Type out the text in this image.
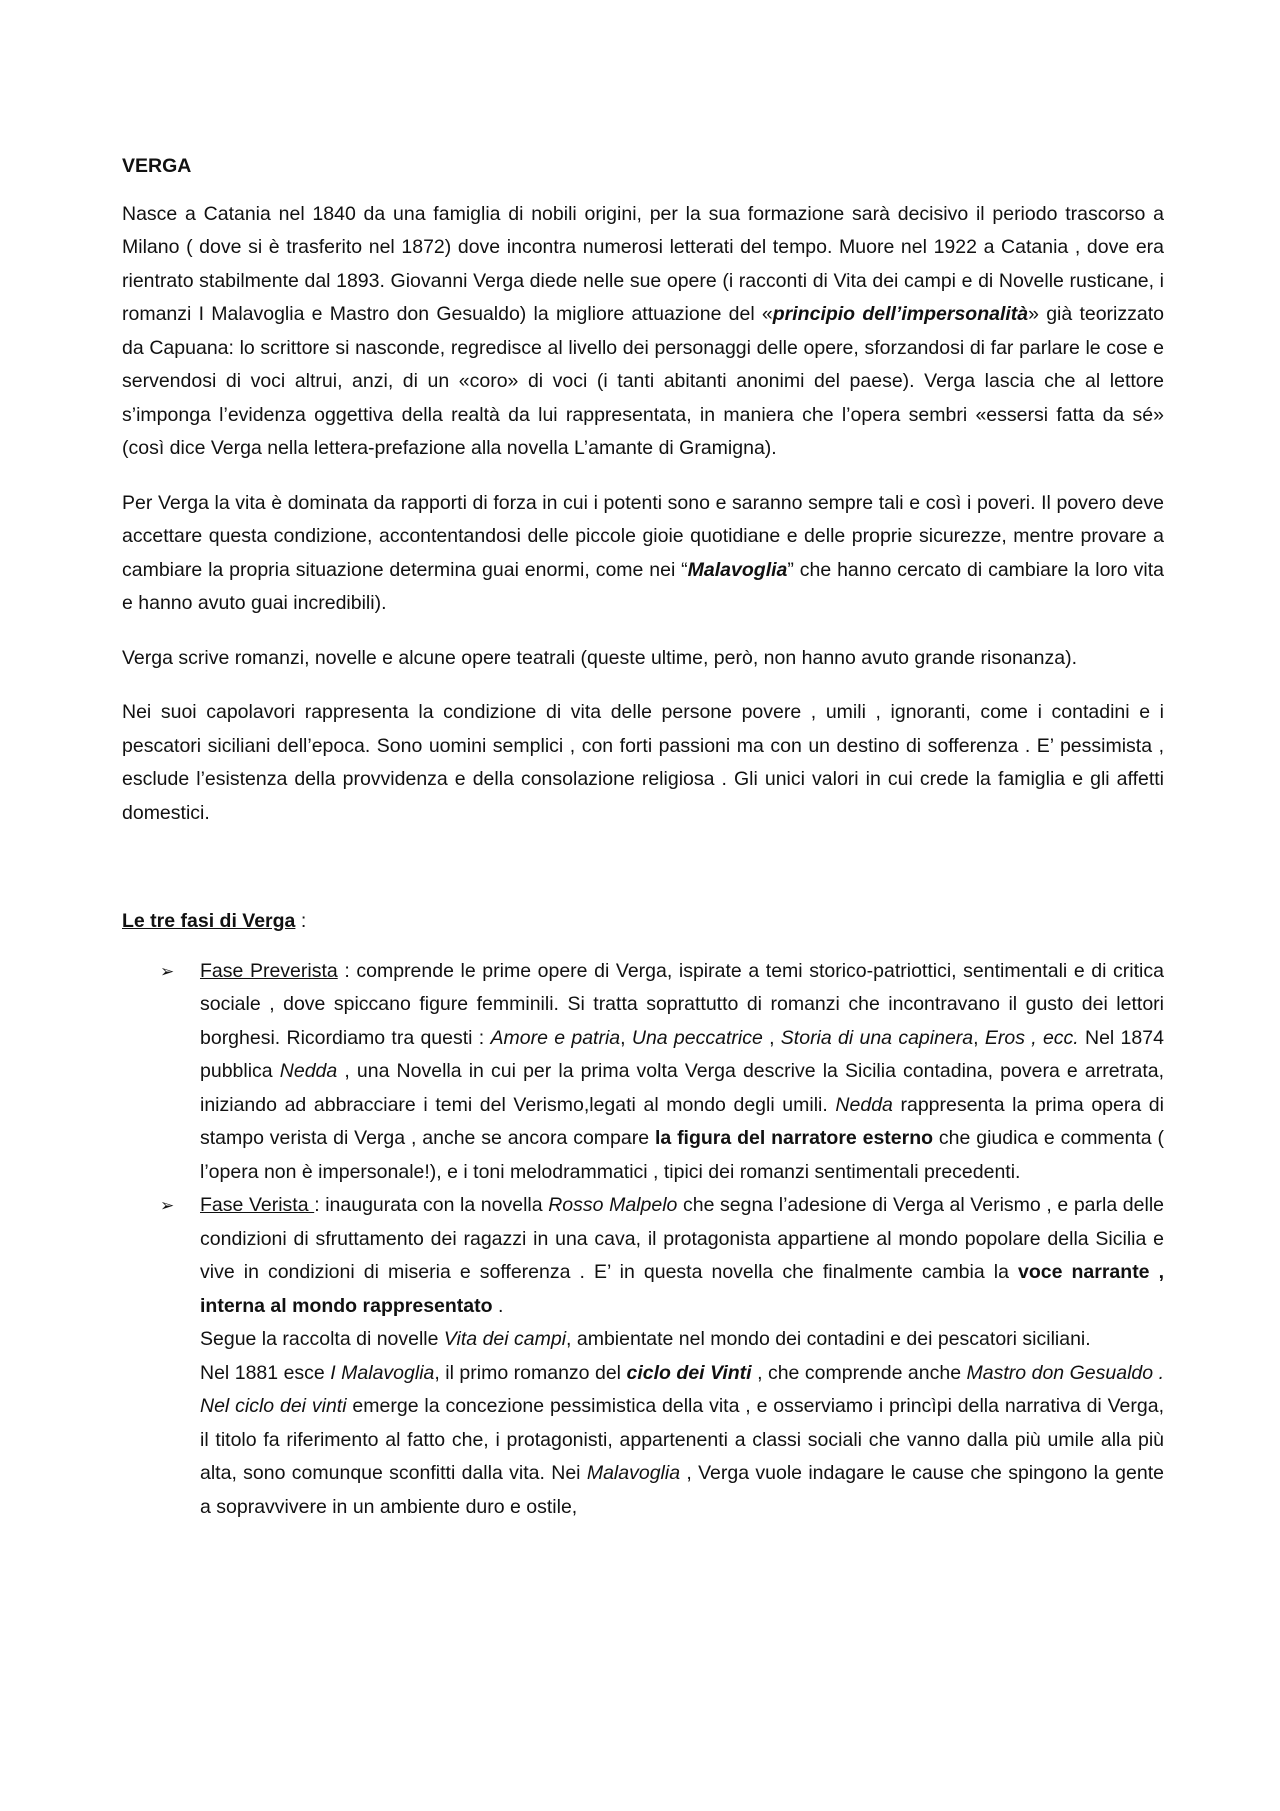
VERGA

Nasce a Catania nel 1840 da una famiglia di nobili origini, per la sua formazione sarà decisivo il periodo trascorso a Milano ( dove si è trasferito nel 1872) dove incontra numerosi letterati del tempo. Muore nel 1922 a Catania , dove era rientrato stabilmente dal 1893. Giovanni Verga diede nelle sue opere (i racconti di Vita dei campi e di Novelle rusticane, i romanzi I Malavoglia e Mastro don Gesualdo) la migliore attuazione del «principio dell’impersonalità» già teorizzato da Capuana: lo scrittore si nasconde, regredisce al livello dei personaggi delle opere, sforzandosi di far parlare le cose e servendosi di voci altrui, anzi, di un «coro» di voci (i tanti abitanti anonimi del paese). Verga lascia che al lettore s’imponga l’evidenza oggettiva della realtà da lui rappresentata, in maniera che l’opera sembri «essersi fatta da sé» (così dice Verga nella lettera-prefazione alla novella L’amante di Gramigna).

Per Verga la vita è dominata da rapporti di forza in cui i potenti sono e saranno sempre tali e così i poveri. Il povero deve accettare questa condizione, accontentandosi delle piccole gioie quotidiane e delle proprie sicurezze, mentre provare a cambiare la propria situazione determina guai enormi, come nei “Malavoglia” che hanno cercato di cambiare la loro vita e hanno avuto guai incredibili).

Verga scrive romanzi, novelle e alcune opere teatrali (queste ultime, però, non hanno avuto grande risonanza).

Nei suoi capolavori rappresenta la condizione di vita delle persone povere , umili , ignoranti, come i contadini e i pescatori siciliani dell’epoca. Sono uomini semplici , con forti passioni ma con un destino di sofferenza . E’ pessimista , esclude l’esistenza della provvidenza e della consolazione religiosa . Gli unici valori in cui crede la famiglia e gli affetti domestici.

Le tre fasi di Verga :
➢ Fase Preverista : comprende le prime opere di Verga, ispirate a temi storico-patriottici, sentimentali e di critica sociale , dove spiccano figure femminili. Si tratta soprattutto di romanzi che incontravano il gusto dei lettori borghesi. Ricordiamo tra questi : Amore e patria, Una peccatrice , Storia di una capinera, Eros , ecc. Nel 1874 pubblica Nedda , una Novella in cui per la prima volta Verga descrive la Sicilia contadina, povera e arretrata, iniziando ad abbracciare i temi del Verismo,legati al mondo degli umili. Nedda rappresenta la prima opera di stampo verista di Verga , anche se ancora compare la figura del narratore esterno che giudica e commenta ( l’opera non è impersonale!), e i toni melodrammatici , tipici dei romanzi sentimentali precedenti.
➢ Fase Verista : inaugurata con la novella Rosso Malpelo che segna l’adesione di Verga al Verismo , e parla delle condizioni di sfruttamento dei ragazzi in una cava, il protagonista appartiene al mondo popolare della Sicilia e vive in condizioni di miseria e sofferenza . E’ in questa novella che finalmente cambia la voce narrante , interna al mondo rappresentato .
Segue la raccolta di novelle Vita dei campi, ambientate nel mondo dei contadini e dei pescatori siciliani.
Nel 1881 esce I Malavoglia, il primo romanzo del ciclo dei Vinti , che comprende anche Mastro don Gesualdo . Nel ciclo dei vinti emerge la concezione pessimistica della vita , e osserviamo i princìpi della narrativa di Verga, il titolo fa riferimento al fatto che, i protagonisti, appartenenti a classi sociali che vanno dalla più umile alla più alta, sono comunque sconfitti dalla vita. Nei Malavoglia , Verga vuole indagare le cause che spingono la gente a sopravvivere in un ambiente duro e ostile,
